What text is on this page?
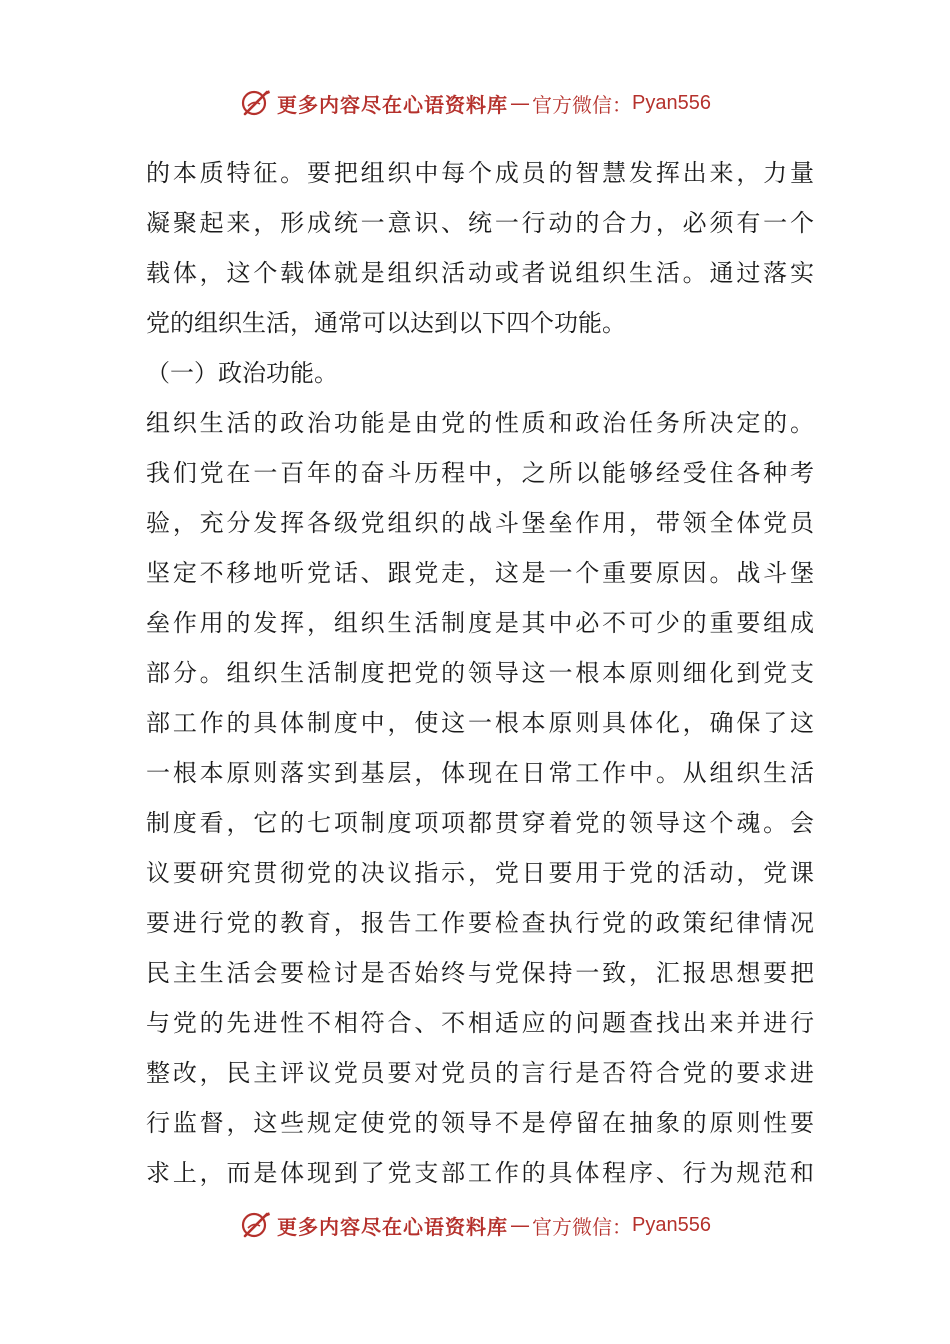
更多内容尽在心语资料库 — 官方微信： Pyan556
的本质特征。要把组织中每个成员的智慧发挥出来，力量
凝聚起来，形成统一意识、统一行动的合力，必须有一个
载体，这个载体就是组织活动或者说组织生活。通过落实
党的组织生活，通常可以达到以下四个功能。
（一）政治功能。
组织生活的政治功能是由党的性质和政治任务所决定的。
我们党在一百年的奋斗历程中，之所以能够经受住各种考
验，充分发挥各级党组织的战斗堡垒作用，带领全体党员
坚定不移地听党话、跟党走，这是一个重要原因。战斗堡
垒作用的发挥，组织生活制度是其中必不可少的重要组成
部分。组织生活制度把党的领导这一根本原则细化到党支
部工作的具体制度中，使这一根本原则具体化，确保了这
一根本原则落实到基层，体现在日常工作中。从组织生活
制度看，它的七项制度项项都贯穿着党的领导这个魂。会
议要研究贯彻党的决议指示，党日要用于党的活动，党课
要进行党的教育，报告工作要检查执行党的政策纪律情况
民主生活会要检讨是否始终与党保持一致，汇报思想要把
与党的先进性不相符合、不相适应的问题查找出来并进行
整改，民主评议党员要对党员的言行是否符合党的要求进
行监督，这些规定使党的领导不是停留在抽象的原则性要
求上，而是体现到了党支部工作的具体程序、行为规范和
更多内容尽在心语资料库 — 官方微信： Pyan556
